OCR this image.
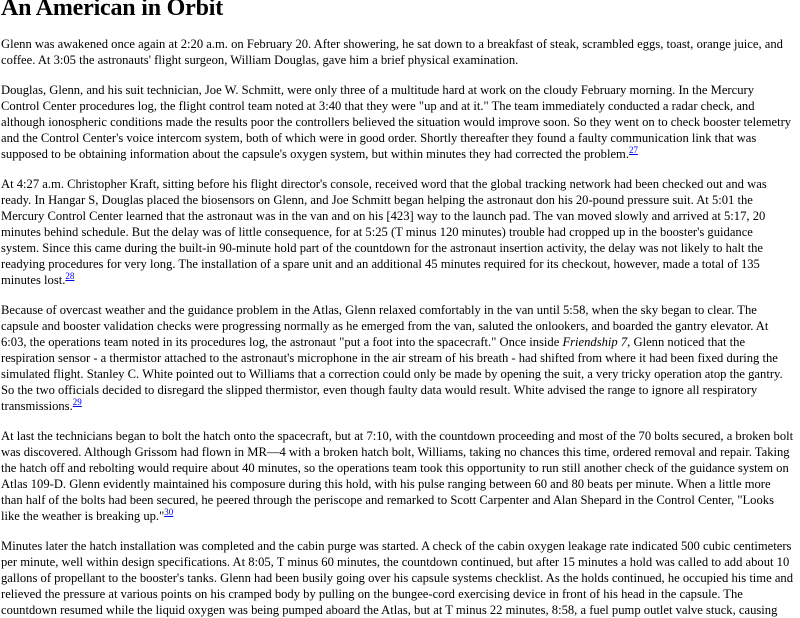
An American in Orbit

Glenn was awakened once again at 2:20 a.m. on February 20. After showering, he sat down to a breakfast of steak, scrambled eggs, toast, orange juice, and coffee. At 3:05 the astronauts' flight surgeon, William Douglas, gave him a brief physical examination.

Douglas, Glenn, and his suit technician, Joe W. Schmitt, were only three of a multitude hard at work on the cloudy February morning. In the Mercury Control Center procedures log, the flight control team noted at 3:40 that they were "up and at it." The team immediately conducted a radar check, and although ionospheric conditions made the results poor the controllers believed the situation would improve soon. So they went on to check booster telemetry and the Control Center's voice intercom system, both of which were in good order. Shortly thereafter they found a faulty communication link that was supposed to be obtaining information about the capsule's oxygen system, but within minutes they had corrected the problem.$^{27}$

At 4:27 a.m. Christopher Kraft, sitting before his flight director's console, received word that the global tracking network had been checked out and was ready. In Hangar S, Douglas placed the biosensors on Glenn, and Joe Schmitt began helping the astronaut don his 20-pound pressure suit. At 5:01 the Mercury Control Center learned that the astronaut was in the van and on his [423] way to the launch pad. The van moved slowly and arrived at 5:17, 20 minutes behind schedule. But the delay was of little consequence, for at 5:25 (T minus 120 minutes) trouble had cropped up in the booster's guidance system. Since this came during the built-in 90-minute hold part of the countdown for the astronaut insertion activity, the delay was not likely to halt the readying procedures for very long. The installation of a spare unit and an additional 45 minutes required for its checkout, however, made a total of 135 minutes lost.$^{28}$

Because of overcast weather and the guidance problem in the Atlas, Glenn relaxed comfortably in the van until 5:58, when the sky began to clear. The capsule and booster validation checks were progressing normally as he emerged from the van, saluted the onlookers, and boarded the gantry elevator. At 6:03, the operations team noted in its procedures log, the astronaut "put a foot into the spacecraft." Once inside Friendship 7, Glenn noticed that the respiration sensor - a thermistor attached to the astronaut's microphone in the air stream of his breath - had shifted from where it had been fixed during the simulated flight. Stanley C. White pointed out to Williams that a correction could only be made by opening the suit, a very tricky operation atop the gantry. So the two officials decided to disregard the slipped thermistor, even though faulty data would result. White advised the range to ignore all respiratory transmissions.$^{29}$

At last the technicians began to bolt the hatch onto the spacecraft, but at 7:10, with the countdown proceeding and most of the 70 bolts secured, a broken bolt was discovered. Although Grissom had flown in MR—4 with a broken hatch bolt, Williams, taking no chances this time, ordered removal and repair. Taking the hatch off and rebolting would require about 40 minutes, so the operations team took this opportunity to run still another check of the guidance system on Atlas 109-D. Glenn evidently maintained his composure during this hold, with his pulse ranging between 60 and 80 beats per minute. When a little more than half of the bolts had been secured, he peered through the periscope and remarked to Scott Carpenter and Alan Shepard in the Control Center, "Looks like the weather is breaking up."$^{30}$

Minutes later the hatch installation was completed and the cabin purge was started. A check of the cabin oxygen leakage rate indicated 500 cubic centimeters per minute, well within design specifications. At 8:05, T minus 60 minutes, the countdown continued, but after 15 minutes a hold was called to add about 10 gallons of propellant to the booster's tanks. Glenn had been busily going over his capsule systems checklist. As the holds continued, he occupied his time and relieved the pressure at various points on his cramped body by pulling on the bungee-cord exercising device in front of his head in the capsule. The countdown resumed while the liquid oxygen was being pumped aboard the Atlas, but at T minus 22 minutes, 8:58, a fuel pump outlet valve stuck, causing
